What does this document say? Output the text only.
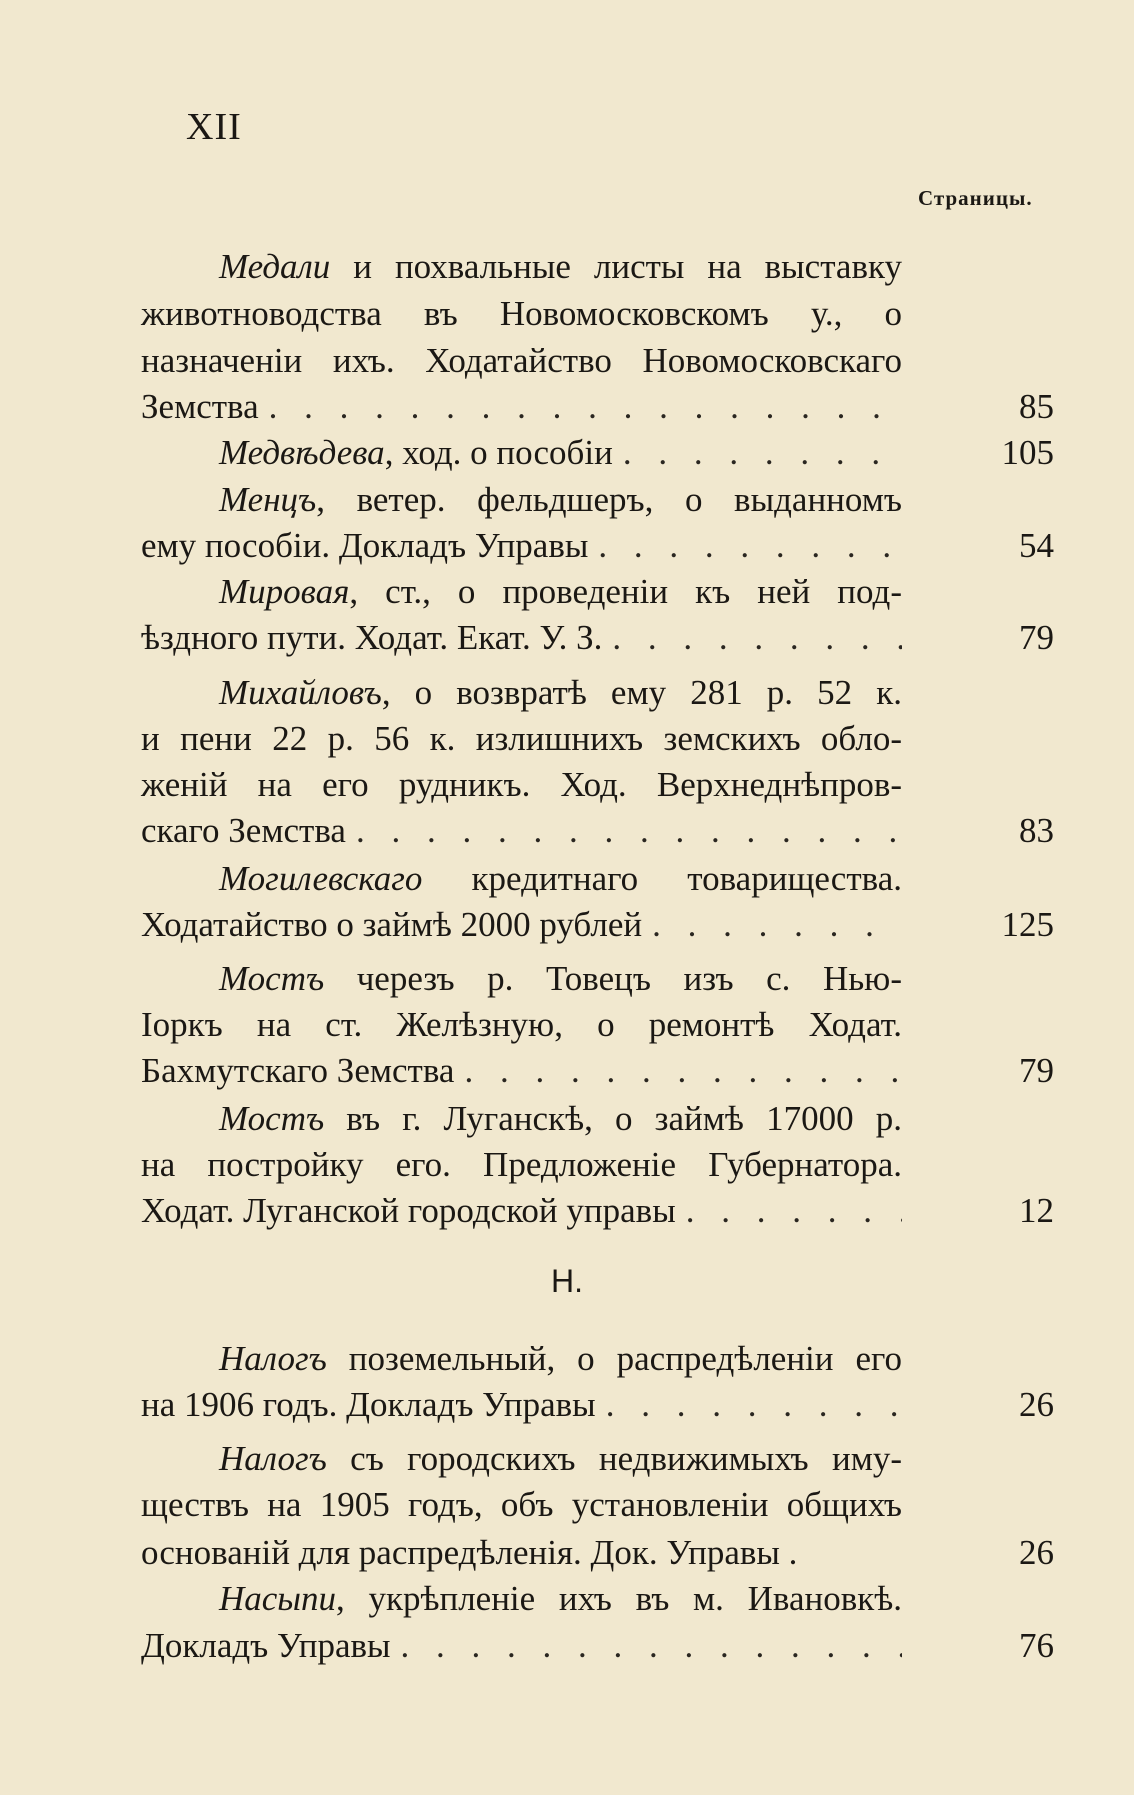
XII
Страницы.
Медали и похвальные листы на выставку
животноводства въ Новомосковскомъ у., о
назначенiи ихъ. Ходатайство Новомосковскаго
Земства . . .	85
Медвѣдева, ход. о пособiи . . .	105
Менцъ, ветер. фельдшеръ, о выданномъ
ему пособiи. Докладъ Управы . . .	54
Мировая, ст., о проведенiи къ ней под-
ѣздного пути. Ходат. Екат. У. З. . . .	79
Михайловъ, о возвратѣ ему 281 р. 52 к.
и пени 22 р. 56 к. излишнихъ земскихъ обло-
женiй на его рудникъ. Ход. Верхнеднѣпров-
скаго Земства . . .	83
Могилевскаго кредитнаго товарищества.
Ходатайство о займѣ 2000 рублей . . .	125
Мостъ черезъ р. Товецъ изъ с. Нью-
Iоркъ на ст. Желѣзную, о ремонтѣ Ходат.
Бахмутскаго Земства . . .	79
Мостъ въ г. Луганскѣ, о займѣ 17000 р.
на постройку его. Предложенiе Губернатора.
Ходат. Луганской городской управы . . .	12
Н.
Налогъ поземельный, о распредѣленiи его
на 1906 годъ. Докладъ Управы . . .	26
Налогъ съ городскихъ недвижимыхъ иму-
ществъ на 1905 годъ, объ установленiи общихъ
основанiй для распредѣленiя. Док. Управы .	26
Насыпи, укрѣпленiе ихъ въ м. Ивановкѣ.
Докладъ Управы . . .	76
